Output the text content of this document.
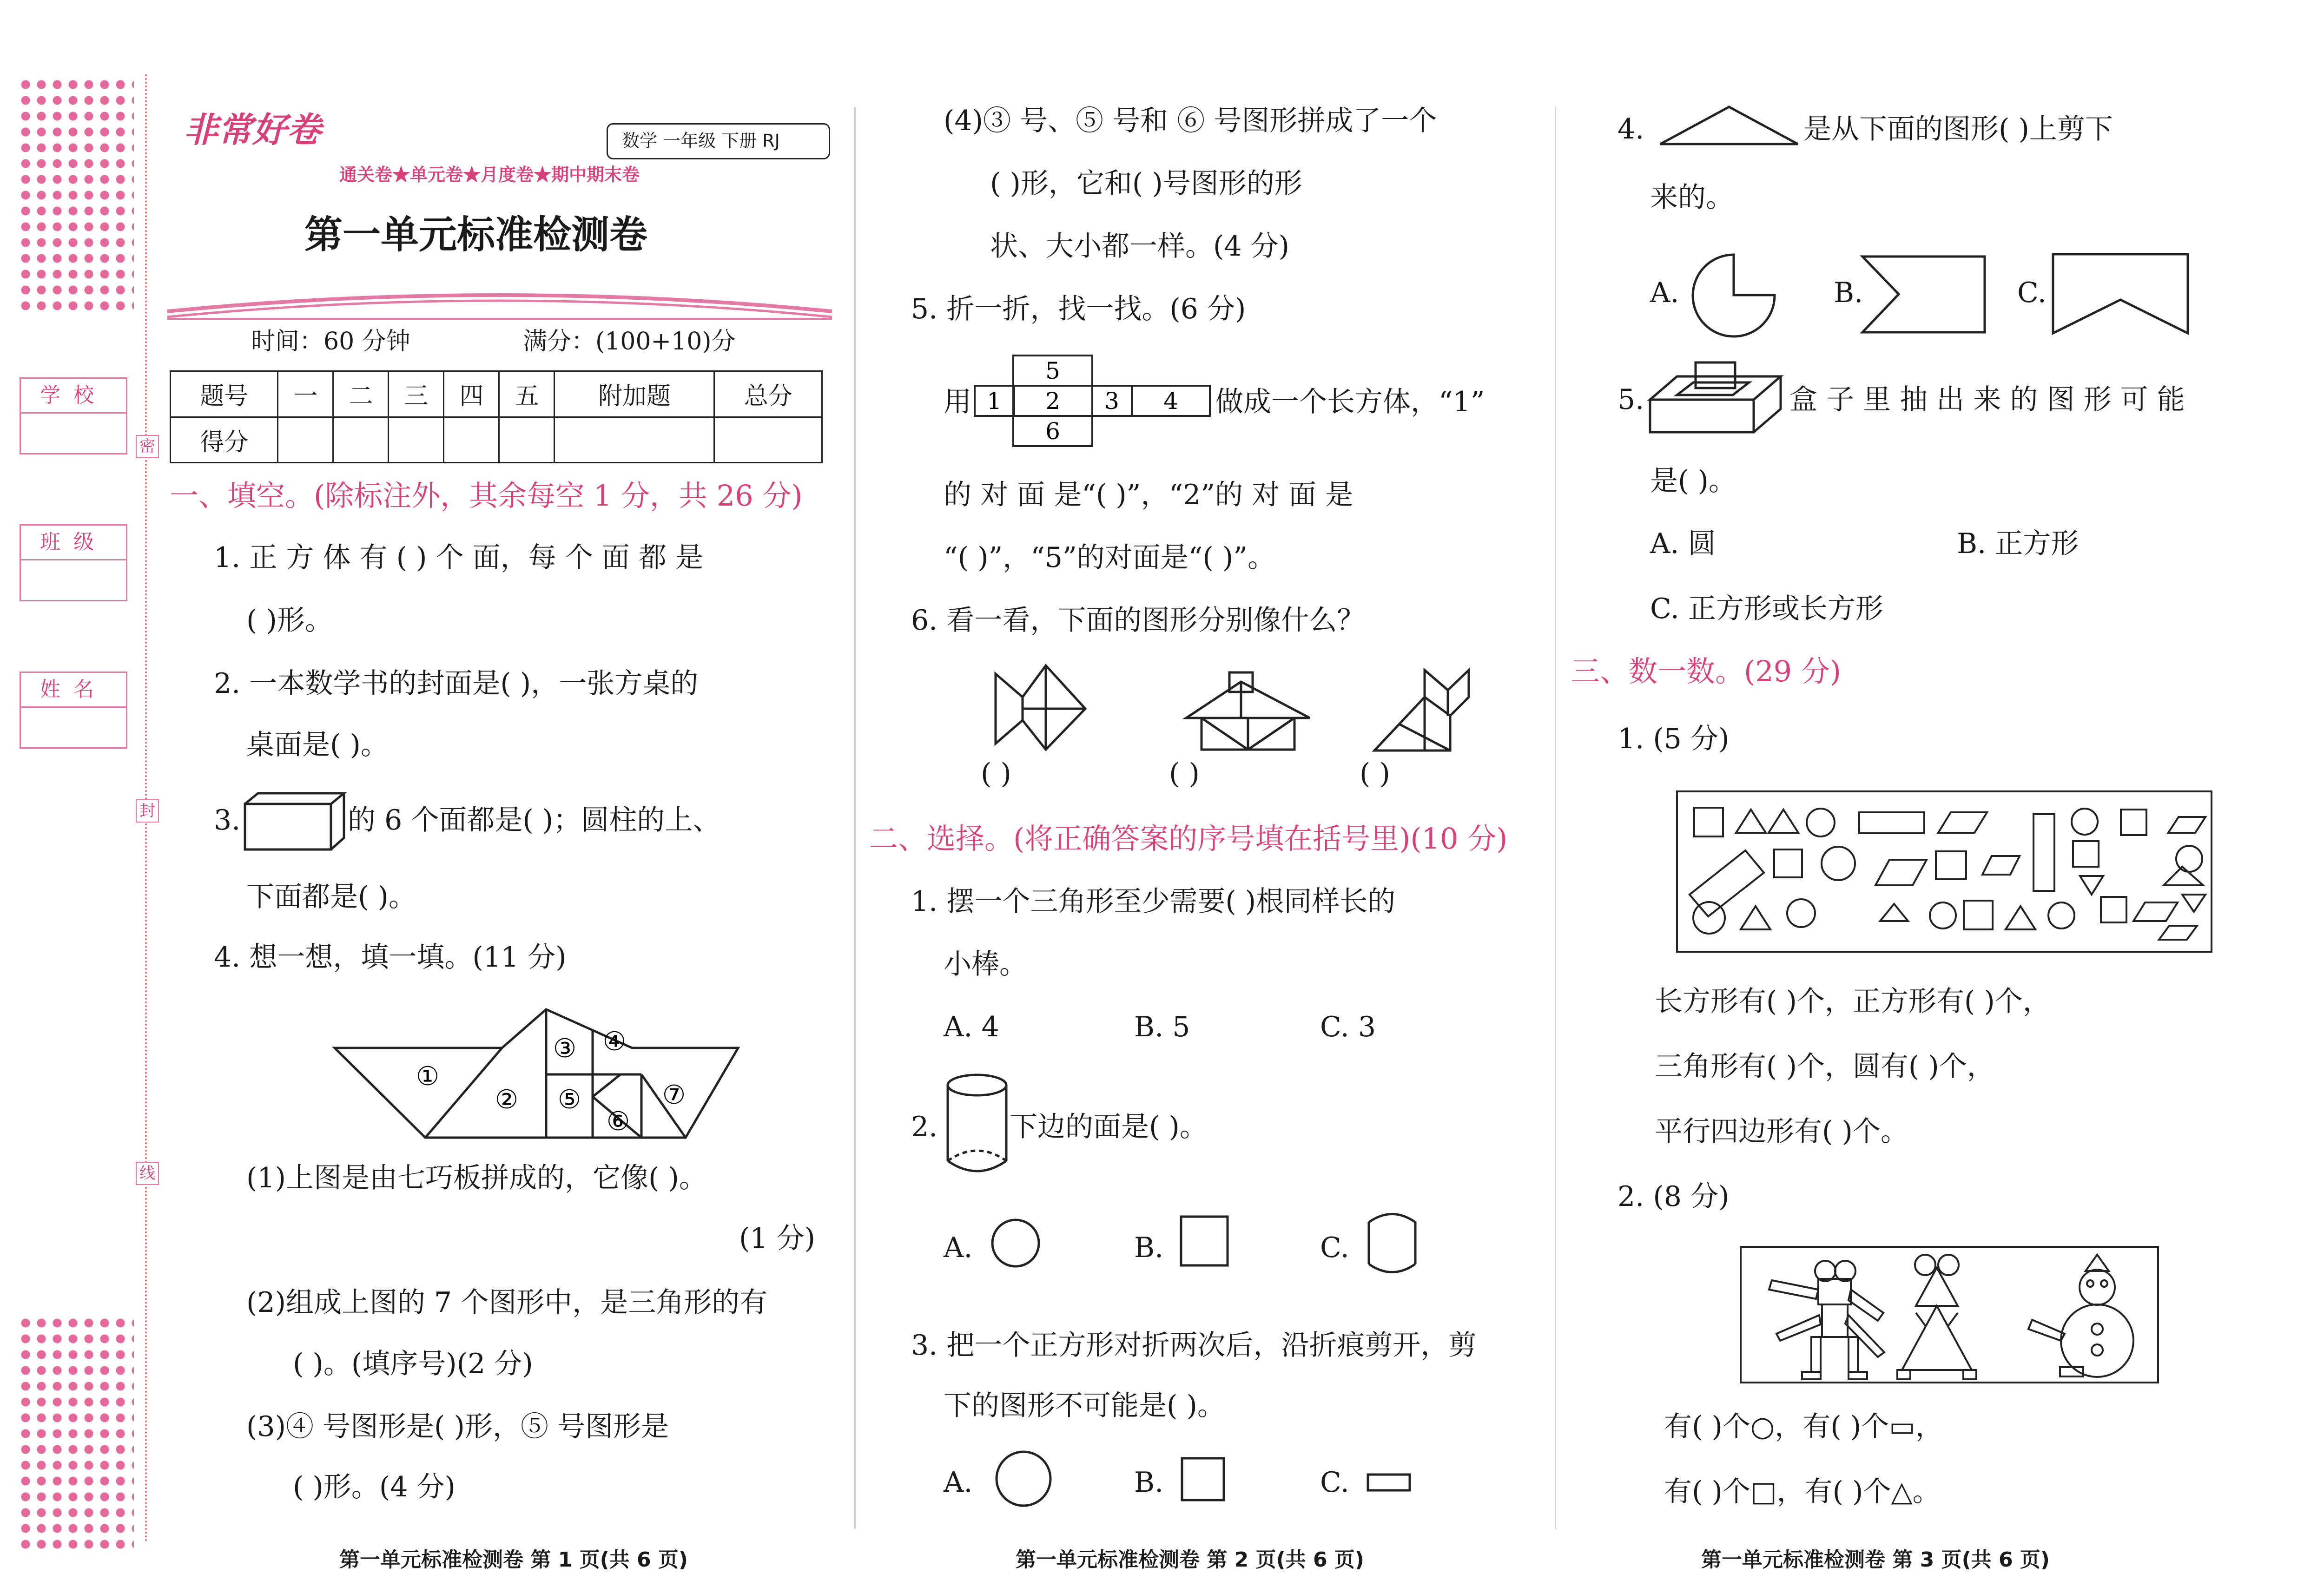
学校
班级
姓名
密
封
线
非常好卷	数学 一年级 下册 RJ
通关卷★单元卷★月度卷★期中期末卷
第一单元标准检测卷
时间：60 分钟	满分：(100+10)分
题号	一	二	三	四	五	附加题	总分
得分							
一、填空。(除标注外，其余每空 1 分，共 26 分)
1. 正 方 体 有 ( ) 个 面，每 个 面 都 是
( )形。
2. 一本数学书的封面是( )，一张方桌的
桌面是( )。
3.	的 6 个面都是( )；圆柱的上、
下面都是( )。
4. 想一想，填一填。(11 分)
①
②
③ ④
⑤
⑥
⑦
(1)上图是由七巧板拼成的，它像( )。
(1 分)
(2)组成上图的 7 个图形中，是三角形的有
( )。(填序号)(2 分)
(3)④ 号图形是( )形，⑤ 号图形是
( )形。(4 分)
第一单元标准检测卷 第 1 页(共 6 页)
(4)③ 号、⑤ 号和 ⑥ 号图形拼成了一个
( )形，它和( )号图形的形
状、大小都一样。(4 分)
5. 折一折，找一找。(6 分)
用
5
1 2 3 4
6
做成一个长方体，“1”
的 对 面 是“( )”，“2”的 对 面 是
“( )”，“5”的对面是“( )”。
6. 看一看，下面的图形分别像什么？
( )	( )	( )
二、选择。(将正确答案的序号填在括号里)(10 分)
1. 摆一个三角形至少需要( )根同样长的
小棒。
A. 4	B. 5	C. 3
2.	下边的面是( )。
A.	B.	C.
3. 把一个正方形对折两次后，沿折痕剪开，剪
下的图形不可能是( )。
A.	B.	C.
第一单元标准检测卷 第 2 页(共 6 页)
4.	是从下面的图形( )上剪下
来的。
A.	B.	C.
5.	盒 子 里 抽 出 来 的 图 形 可 能
是( )。
A. 圆	B. 正方形
C. 正方形或长方形
三、数一数。(29 分)
1. (5 分)
长方形有( )个，正方形有( )个，
三角形有( )个，圆有( )个，
平行四边形有( )个。
2. (8 分)
有( )个○，有( )个▭，
有( )个□，有( )个△。
第一单元标准检测卷 第 3 页(共 6 页)
